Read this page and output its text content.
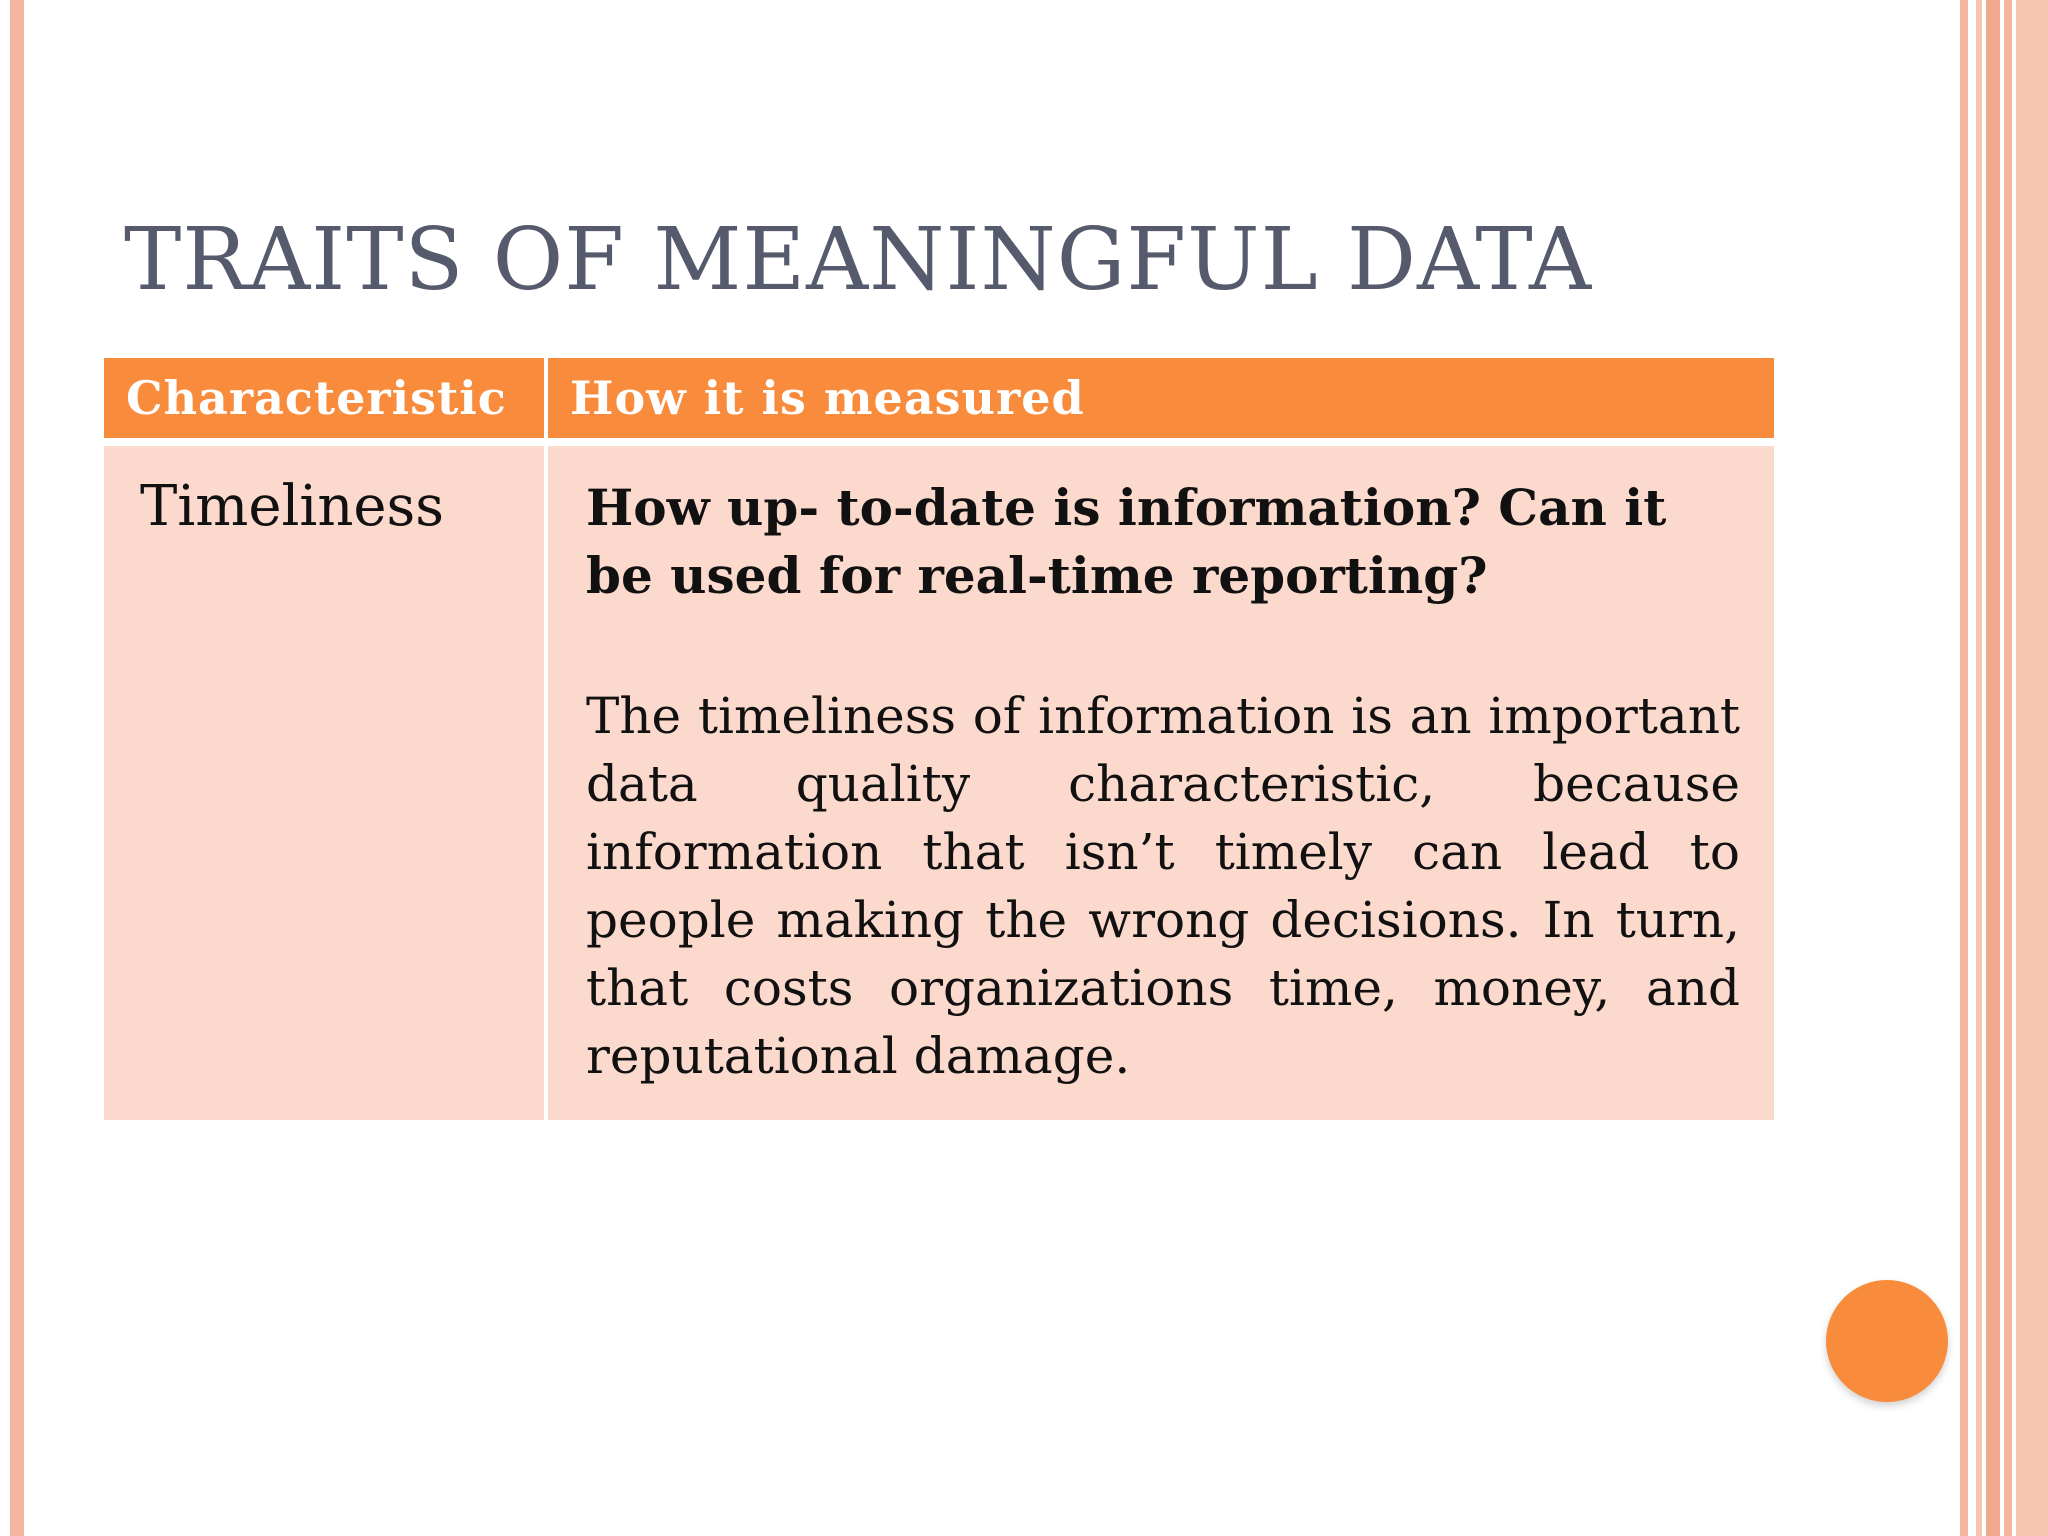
TRAITS OF MEANINGFUL DATA
Characteristic	How it is measured
Timeliness	How up- to-date is information? Can it be used for real-time reporting?

The timeliness of information is an important data quality characteristic, because information that isn’t timely can lead to people making the wrong decisions. In turn, that costs organizations time, money, and reputational damage.
